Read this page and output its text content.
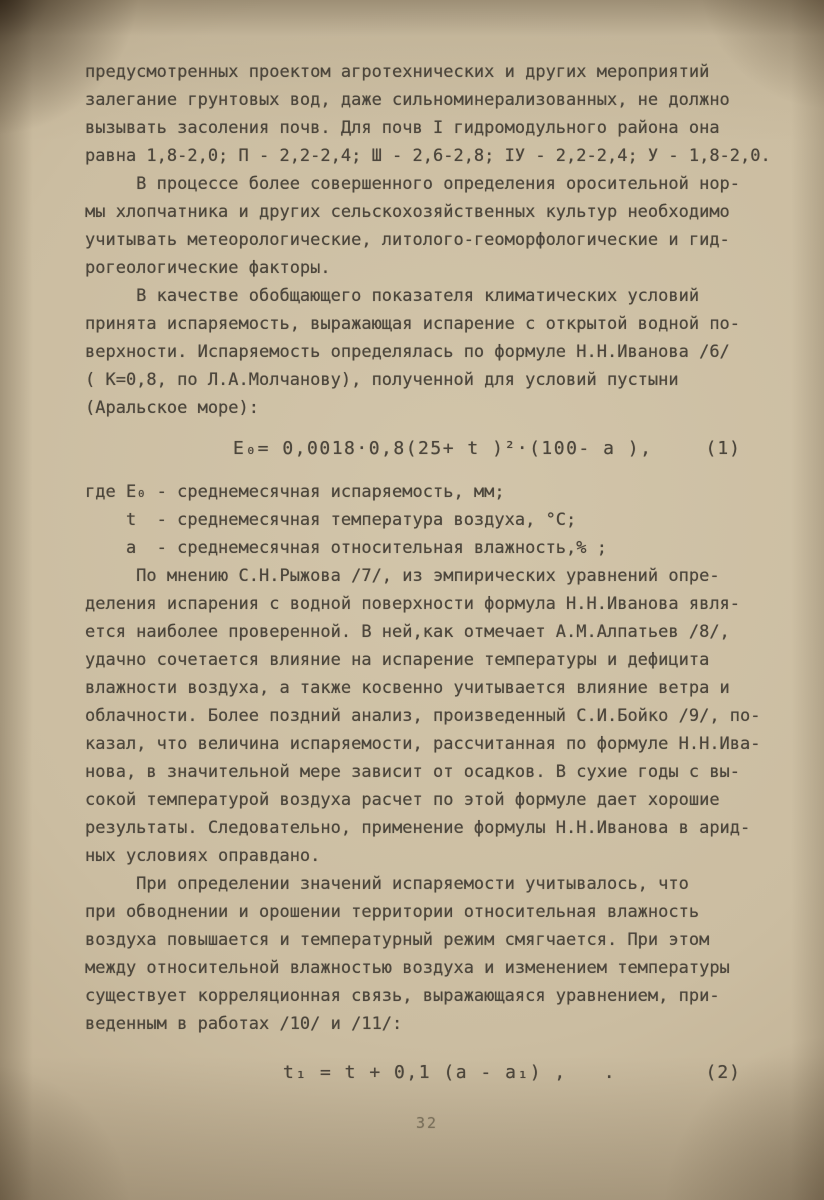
предусмотренных проектом агротехнических и других мероприятий
залегание грунтовых вод, даже сильноминерализованных, не должно
вызывать засоления почв. Для почв I гидромодульного района она
равна 1,8-2,0; П - 2,2-2,4; Ш - 2,6-2,8; IУ - 2,2-2,4; У - 1,8-2,0.
В процессе более совершенного определения оросительной нор-
мы хлопчатника и других сельскохозяйственных культур необходимо
учитывать метеорологические, литолого-геоморфологические и гид-
рогеологические факторы.
В качестве обобщающего показателя климатических условий
принята испаряемость, выражающая испарение с открытой водной по-
верхности. Испаряемость определялась по формуле Н.Н.Иванова /6/
( К=0,8, по Л.А.Молчанову), полученной для условий пустыни
(Аральское море):
Е₀= 0,0018·0,8(25+ t )²·(100- a ),	(1)
где Е₀ - среднемесячная испаряемость, мм;
t  - среднемесячная температура воздуха, °С;
a  - среднемесячная относительная влажность,% ;
По мнению С.Н.Рыжова /7/, из эмпирических уравнений опре-
деления испарения с водной поверхности формула Н.Н.Иванова явля-
ется наиболее проверенной. В ней,как отмечает А.М.Алпатьев /8/,
удачно сочетается влияние на испарение температуры и дефицита
влажности воздуха, а также косвенно учитывается влияние ветра и
облачности. Более поздний анализ, произведенный С.И.Бойко /9/, по-
казал, что величина испаряемости, рассчитанная по формуле Н.Н.Ива-
нова, в значительной мере зависит от осадков. В сухие годы с вы-
сокой температурой воздуха расчет по этой формуле дает хорошие
результаты. Следовательно, применение формулы Н.Н.Иванова в арид-
ных условиях оправдано.
При определении значений испаряемости учитывалось, что
при обводнении и орошении территории относительная влажность
воздуха повышается и температурный режим смягчается. При этом
между относительной влажностью воздуха и изменением температуры
существует корреляционная связь, выражающаяся уравнением, при-
веденным в работах /10/ и /11/:
t₁ = t + 0,1 (a - a₁) ,   .	(2)
32
